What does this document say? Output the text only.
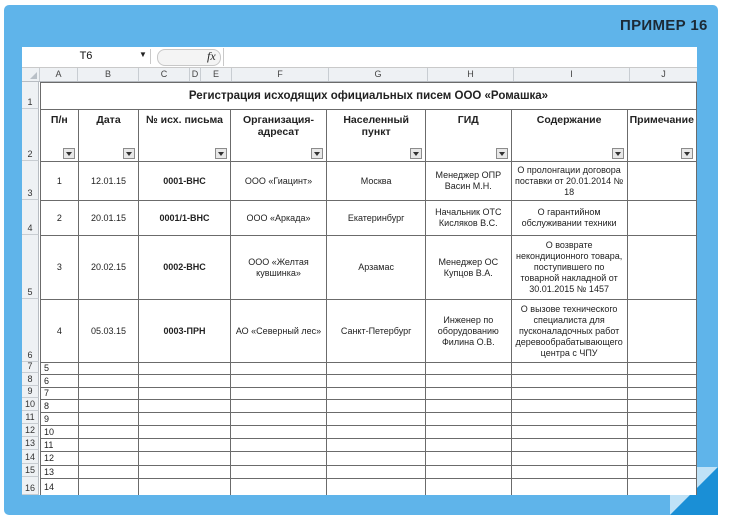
ПРИМЕР 16
T6	▼	fx
A	B	C	D	E	F	G	H	I	J
1
2
3
4
5
6
7
8
9
10
11
12
13
14
15
16
Регистрация исходящих официальных писем ООО «Ромашка»							
П/н	Дата	№ исх. письма	Организация-адресат	Населенный пункт	ГИД	Содержание	Примечание

1	12.01.15	0001-ВНС	ООО «Гиацинт»	Москва	Менеджер ОПР Васин М.Н.	О пролонгации договора поставки от 20.01.2014 № 18	
2	20.01.15	0001/1-ВНС	ООО «Аркада»	Екатеринбург	Начальник ОТС Кисляков В.С.	О гарантийном обслуживании техники	
3	20.02.15	0002-ВНС	ООО «Желтая кувшинка»	Арзамас	Менеджер ОС Купцов В.А.	О возврате некондиционного товара, поступившего по товарной накладной от 30.01.2015 № 1457	
4	05.03.15	0003-ПРН	АО «Северный лес»	Санкт-Петербург	Инженер по оборудованию Филина О.В.	О вызове технического специалиста для пусконаладочных работ деревообрабатывающего центра с ЧПУ	
5							
6							
7							
8							
9							
10							
11							
12							
13							
14							
